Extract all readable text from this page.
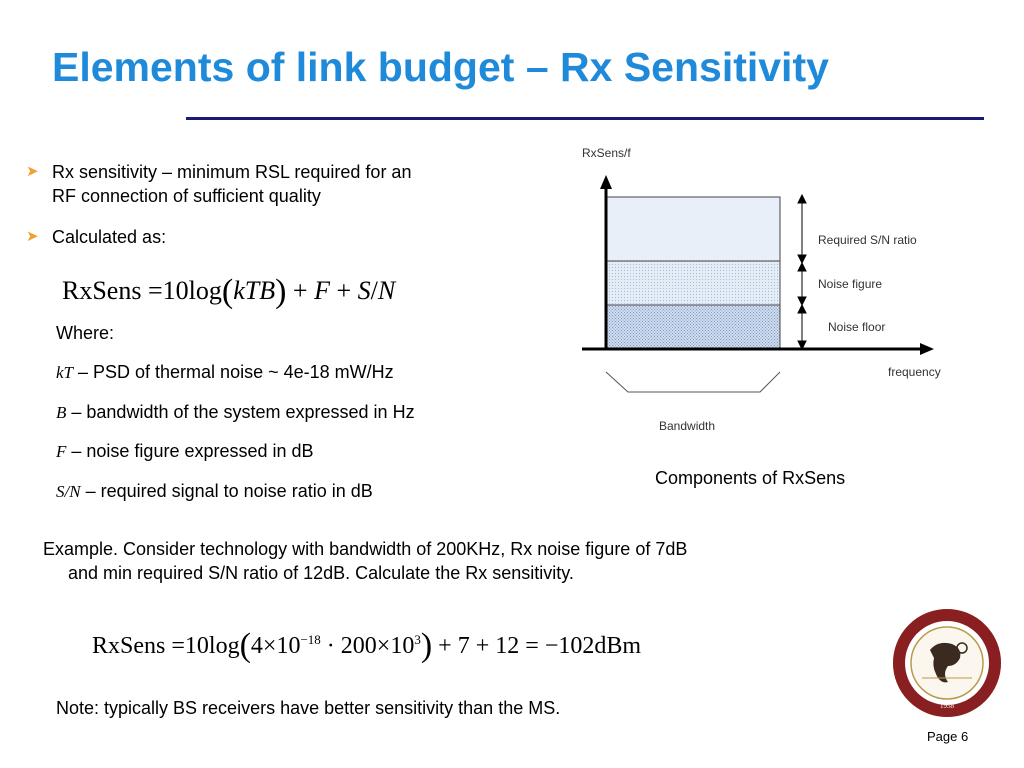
Elements of link budget – Rx Sensitivity
➤ Rx sensitivity – minimum RSL required for an
RF connection of sufficient quality
➤ Calculated as:
RxSens =10log(kTB) + F + S/N
Where:
kT – PSD of thermal noise ~ 4e-18 mW/Hz
B – bandwidth of the system expressed in Hz
F – noise figure expressed in dB
S/N – required signal to noise ratio in dB
RxSens/f
frequency
Required S/N ratio
Noise figure
Noise floor
Bandwidth
Components of RxSens
Example. Consider technology with bandwidth of 200KHz, Rx noise figure of 7dB
and min required S/N ratio of 12dB. Calculate the Rx sensitivity.
RxSens $=10\log(4\times 10^{-18} \cdot 200\times 10^3) + 7 + 12 = -102dBm$
Note: typically BS receivers have better sensitivity than the MS.	1958
Page 6
